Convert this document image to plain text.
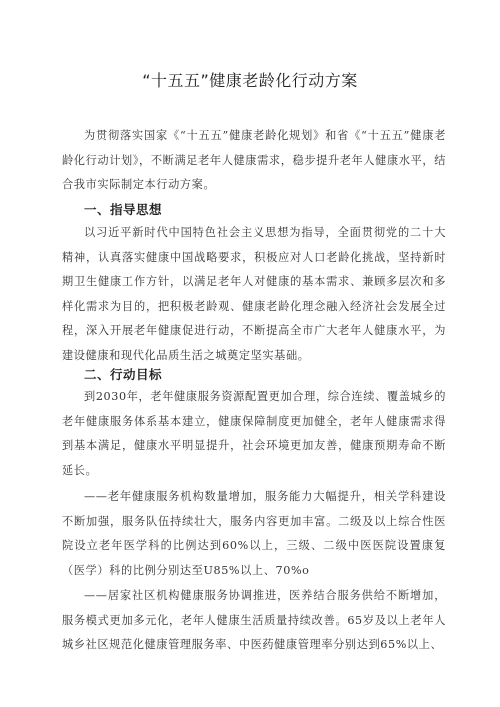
“十五五”健康老龄化行动方案
为贯彻落实国家《“十五五”健康老龄化规划》和省《“十五五”健康老龄化行动计划》，不断满足老年人健康需求，稳步提升老年人健康水平，结合我市实际制定本行动方案。
一、指导思想
以习近平新时代中国特色社会主义思想为指导，全面贯彻党的二十大精神，认真落实健康中国战略要求，积极应对人口老龄化挑战，坚持新时期卫生健康工作方针，以满足老年人对健康的基本需求、兼顾多层次和多样化需求为目的，把积极老龄观、健康老龄化理念融入经济社会发展全过程，深入开展老年健康促进行动，不断提高全市广大老年人健康水平，为建设健康和现代化品质生活之城奠定坚实基础。
二、行动目标
到2030年，老年健康服务资源配置更加合理，综合连续、覆盖城乡的老年健康服务体系基本建立，健康保障制度更加健全，老年人健康需求得到基本满足，健康水平明显提升，社会环境更加友善，健康预期寿命不断延长。
——老年健康服务机构数量增加，服务能力大幅提升，相关学科建设不断加强，服务队伍持续壮大，服务内容更加丰富。二级及以上综合性医院设立老年医学科的比例达到60%以上，三级、二级中医医院设置康复（医学）科的比例分别达至U85%以上、70%o
——居家社区机构健康服务协调推进，医养结合服务供给不断增加，服务模式更加多元化，老年人健康生活质量持续改善。65岁及以上老年人城乡社区规范化健康管理服务率、中医药健康管理率分别达到65%以上、
